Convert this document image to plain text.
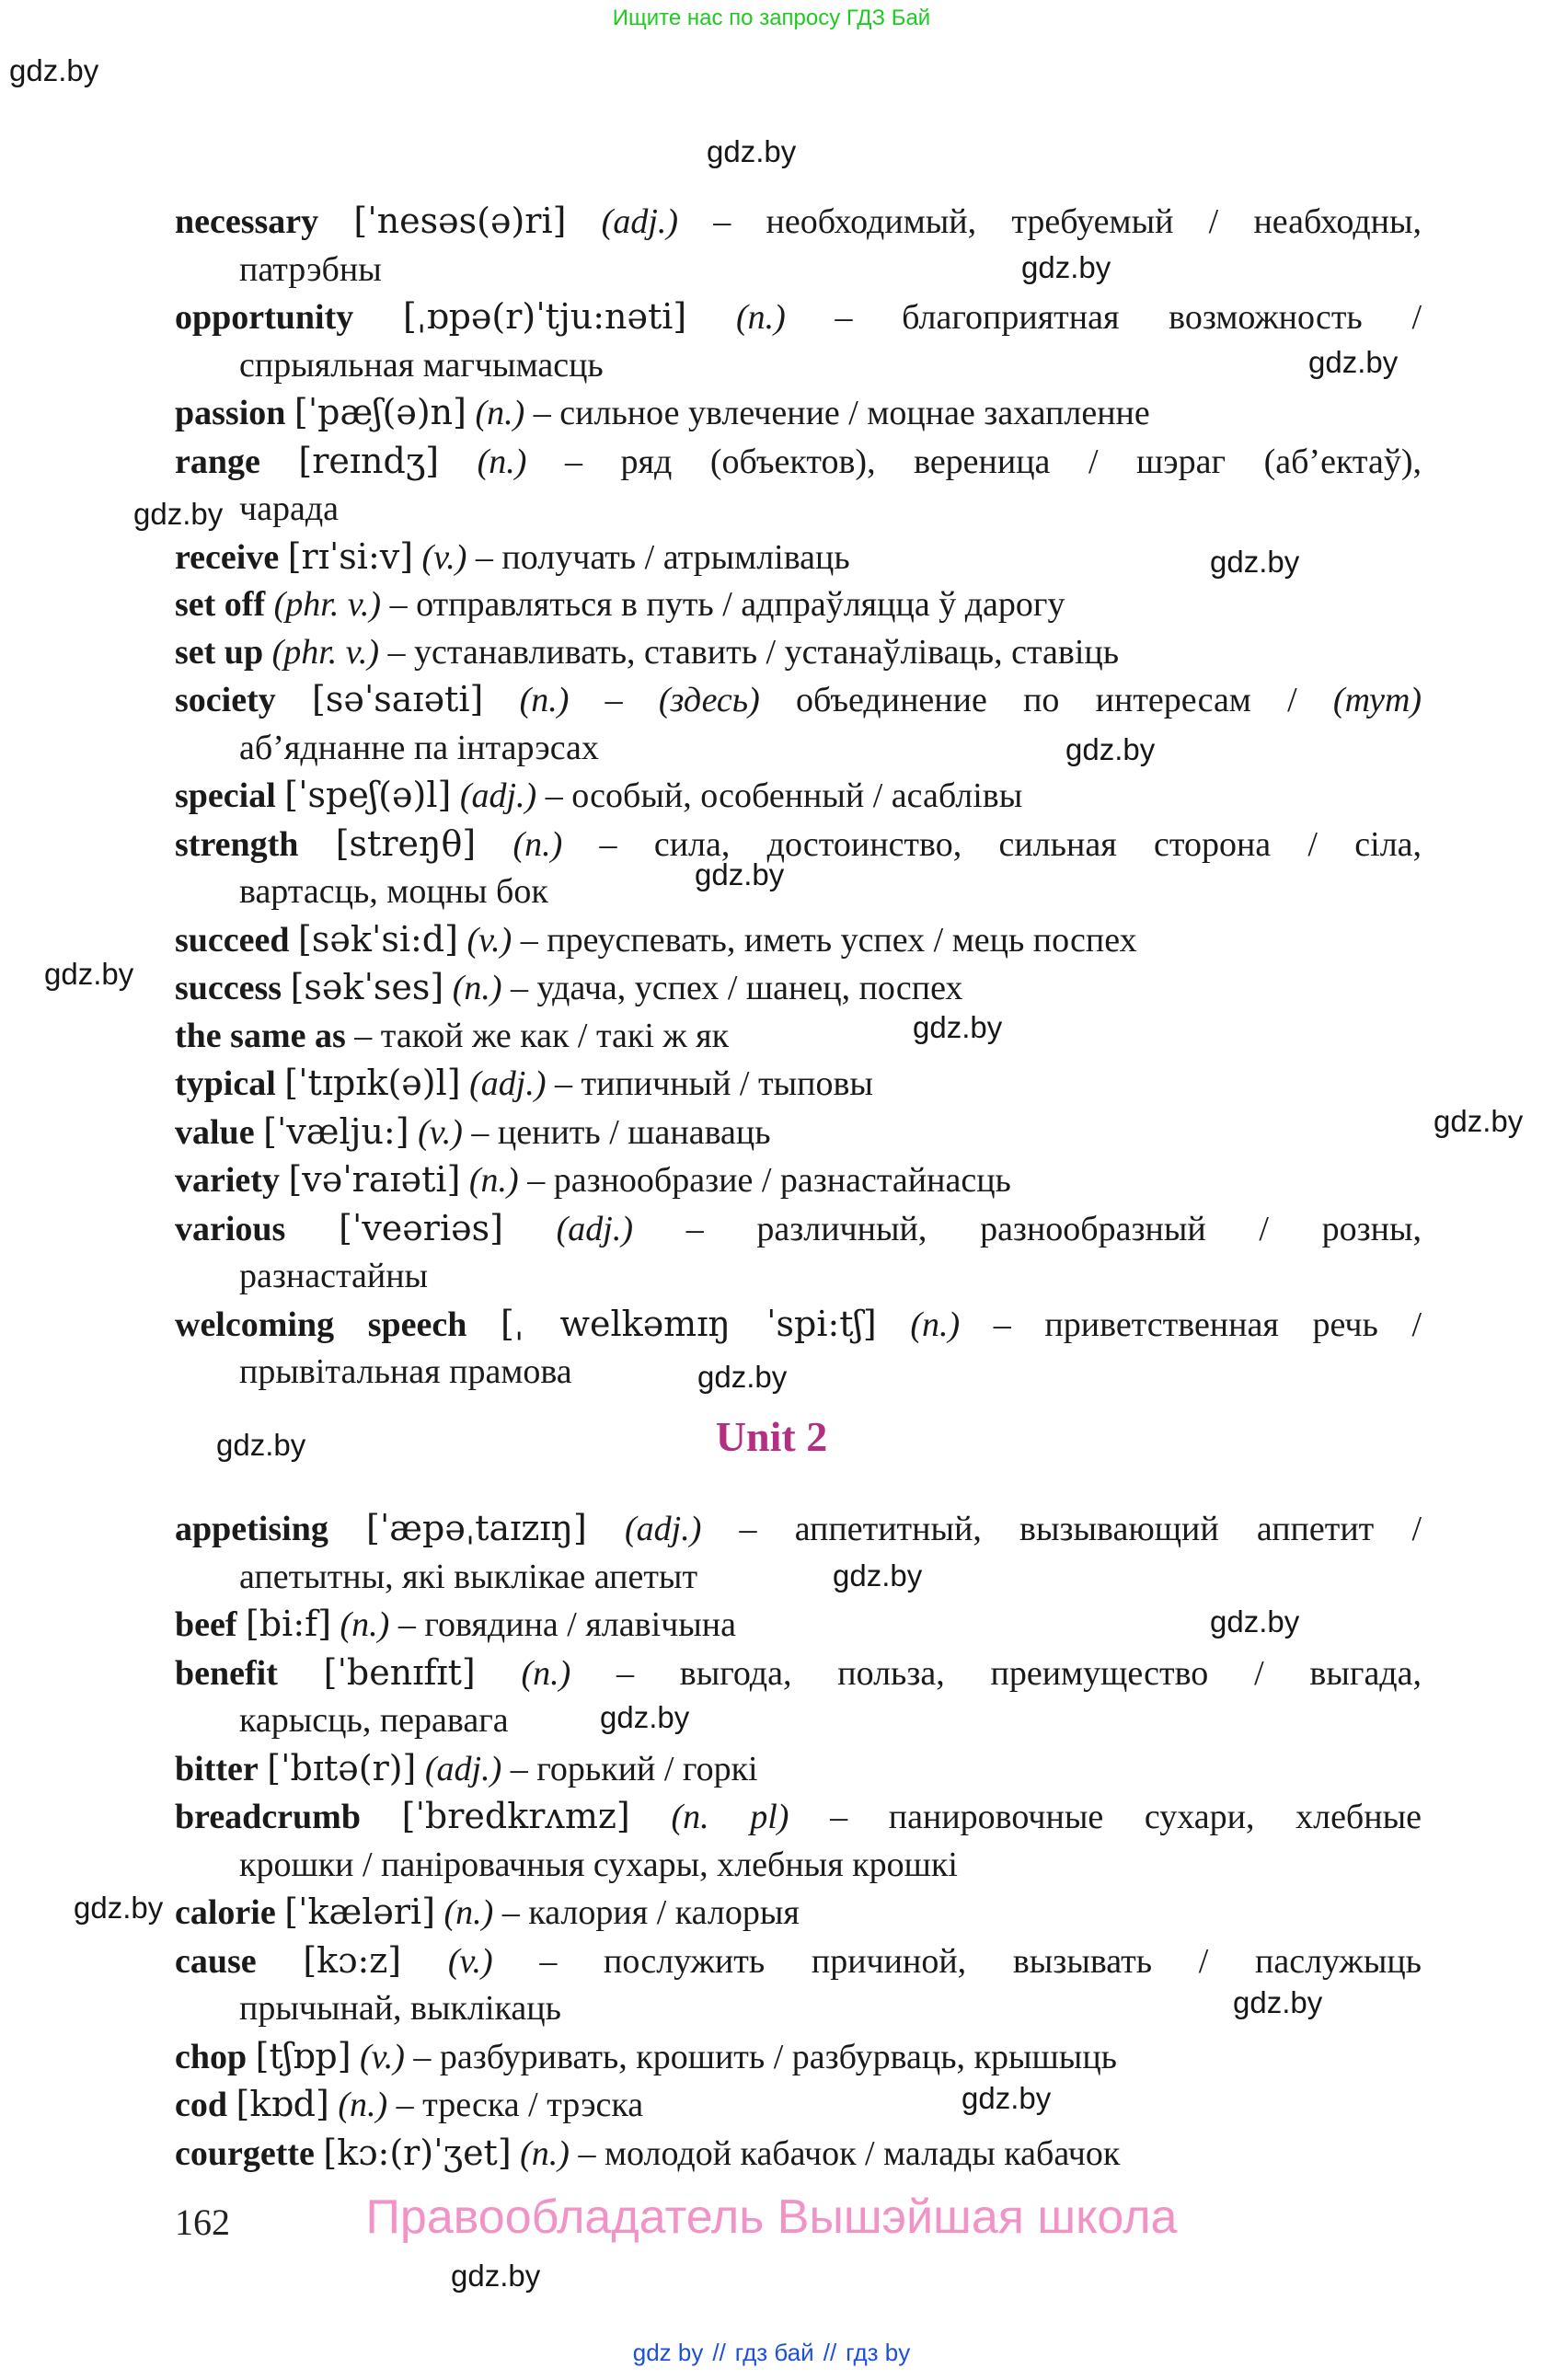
Ищите нас по запросу ГДЗ Бай
necessary [ˈnesəs(ə)ri] (adj.) – необходимый, требуемый / неабходны,
патрэбны
opportunity [ˌɒpə(r)ˈtju:nəti] (n.) – благоприятная возможность /
спрыяльная магчымасць
passion [ˈpæʃ(ə)n] (n.) – сильное увлечение / моцнае захапленне
range [reɪndʒ] (n.) – ряд (объектов), вереница / шэраг (аб’ектаў),
чарада
receive [rɪˈsi:v] (v.) – получать / атрымліваць
set off (phr. v.) – отправляться в путь / адпраўляцца ў дарогу
set up (phr. v.) – устанавливать, ставить / устанаўліваць, ставіць
society [səˈsaɪəti] (n.) – (здесь) объединение по интересам / (тут)
аб’яднанне па інтарэсах
special [ˈspeʃ(ə)l] (adj.) – особый, особенный / асаблівы
strength [streŋθ] (n.) – сила, достоинство, сильная сторона / сіла,
вартасць, моцны бок
succeed [səkˈsi:d] (v.) – преуспевать, иметь успех / мець поспех
success [səkˈses] (n.) – удача, успех / шанец, поспех
the same as – такой же как / такі ж як
typical [ˈtɪpɪk(ə)l] (adj.) – типичный / тыповы
value [ˈvælju:] (v.) – ценить / шанаваць
variety [vəˈraɪəti] (n.) – разнообразие / разнастайнасць
various [ˈveəriəs] (adj.) – различный, разнообразный / розны,
разнастайны
welcoming speech [ˌ welkəmɪŋ ˈspi:tʃ] (n.) – приветственная речь /
прывітальная прамова
Unit 2
appetising [ˈæpəˌtaɪzɪŋ] (adj.) – аппетитный, вызывающий аппетит /
апетытны, які выклікае апетыт
beef [bi:f] (n.) – говядина / ялавічына
benefit [ˈbenɪfɪt] (n.) – выгода, польза, преимущество / выгада,
карысць, перавага
bitter [ˈbɪtə(r)] (adj.) – горький / горкі
breadcrumb [ˈbredkrʌmz] (n. pl) – панировочные сухари, хлебные
крошки / паніровачныя сухары, хлебныя крошкі
calorie [ˈkæləri] (n.) – калория / калорыя
cause [kɔ:z] (v.) – послужить причиной, вызывать / паслужыць
прычынай, выклікаць
chop [tʃɒp] (v.) – разбуривать, крошить / разбурваць, крышыць
cod [kɒd] (n.) – треска / трэска
courgette [kɔ:(r)ˈʒet] (n.) – молодой кабачок / малады кабачок
162	Правообладатель Вышэйшая школа
gdz.by
gdz by // гдз бай // гдз by
gdz.by
gdz.by
gdz.by
gdz.by
gdz.by
gdz.by
gdz.by
gdz.by
gdz.by
gdz.by
gdz.by
gdz.by
gdz.by
gdz.by
gdz.by
gdz.by
gdz.by
gdz.by
gdz.by
